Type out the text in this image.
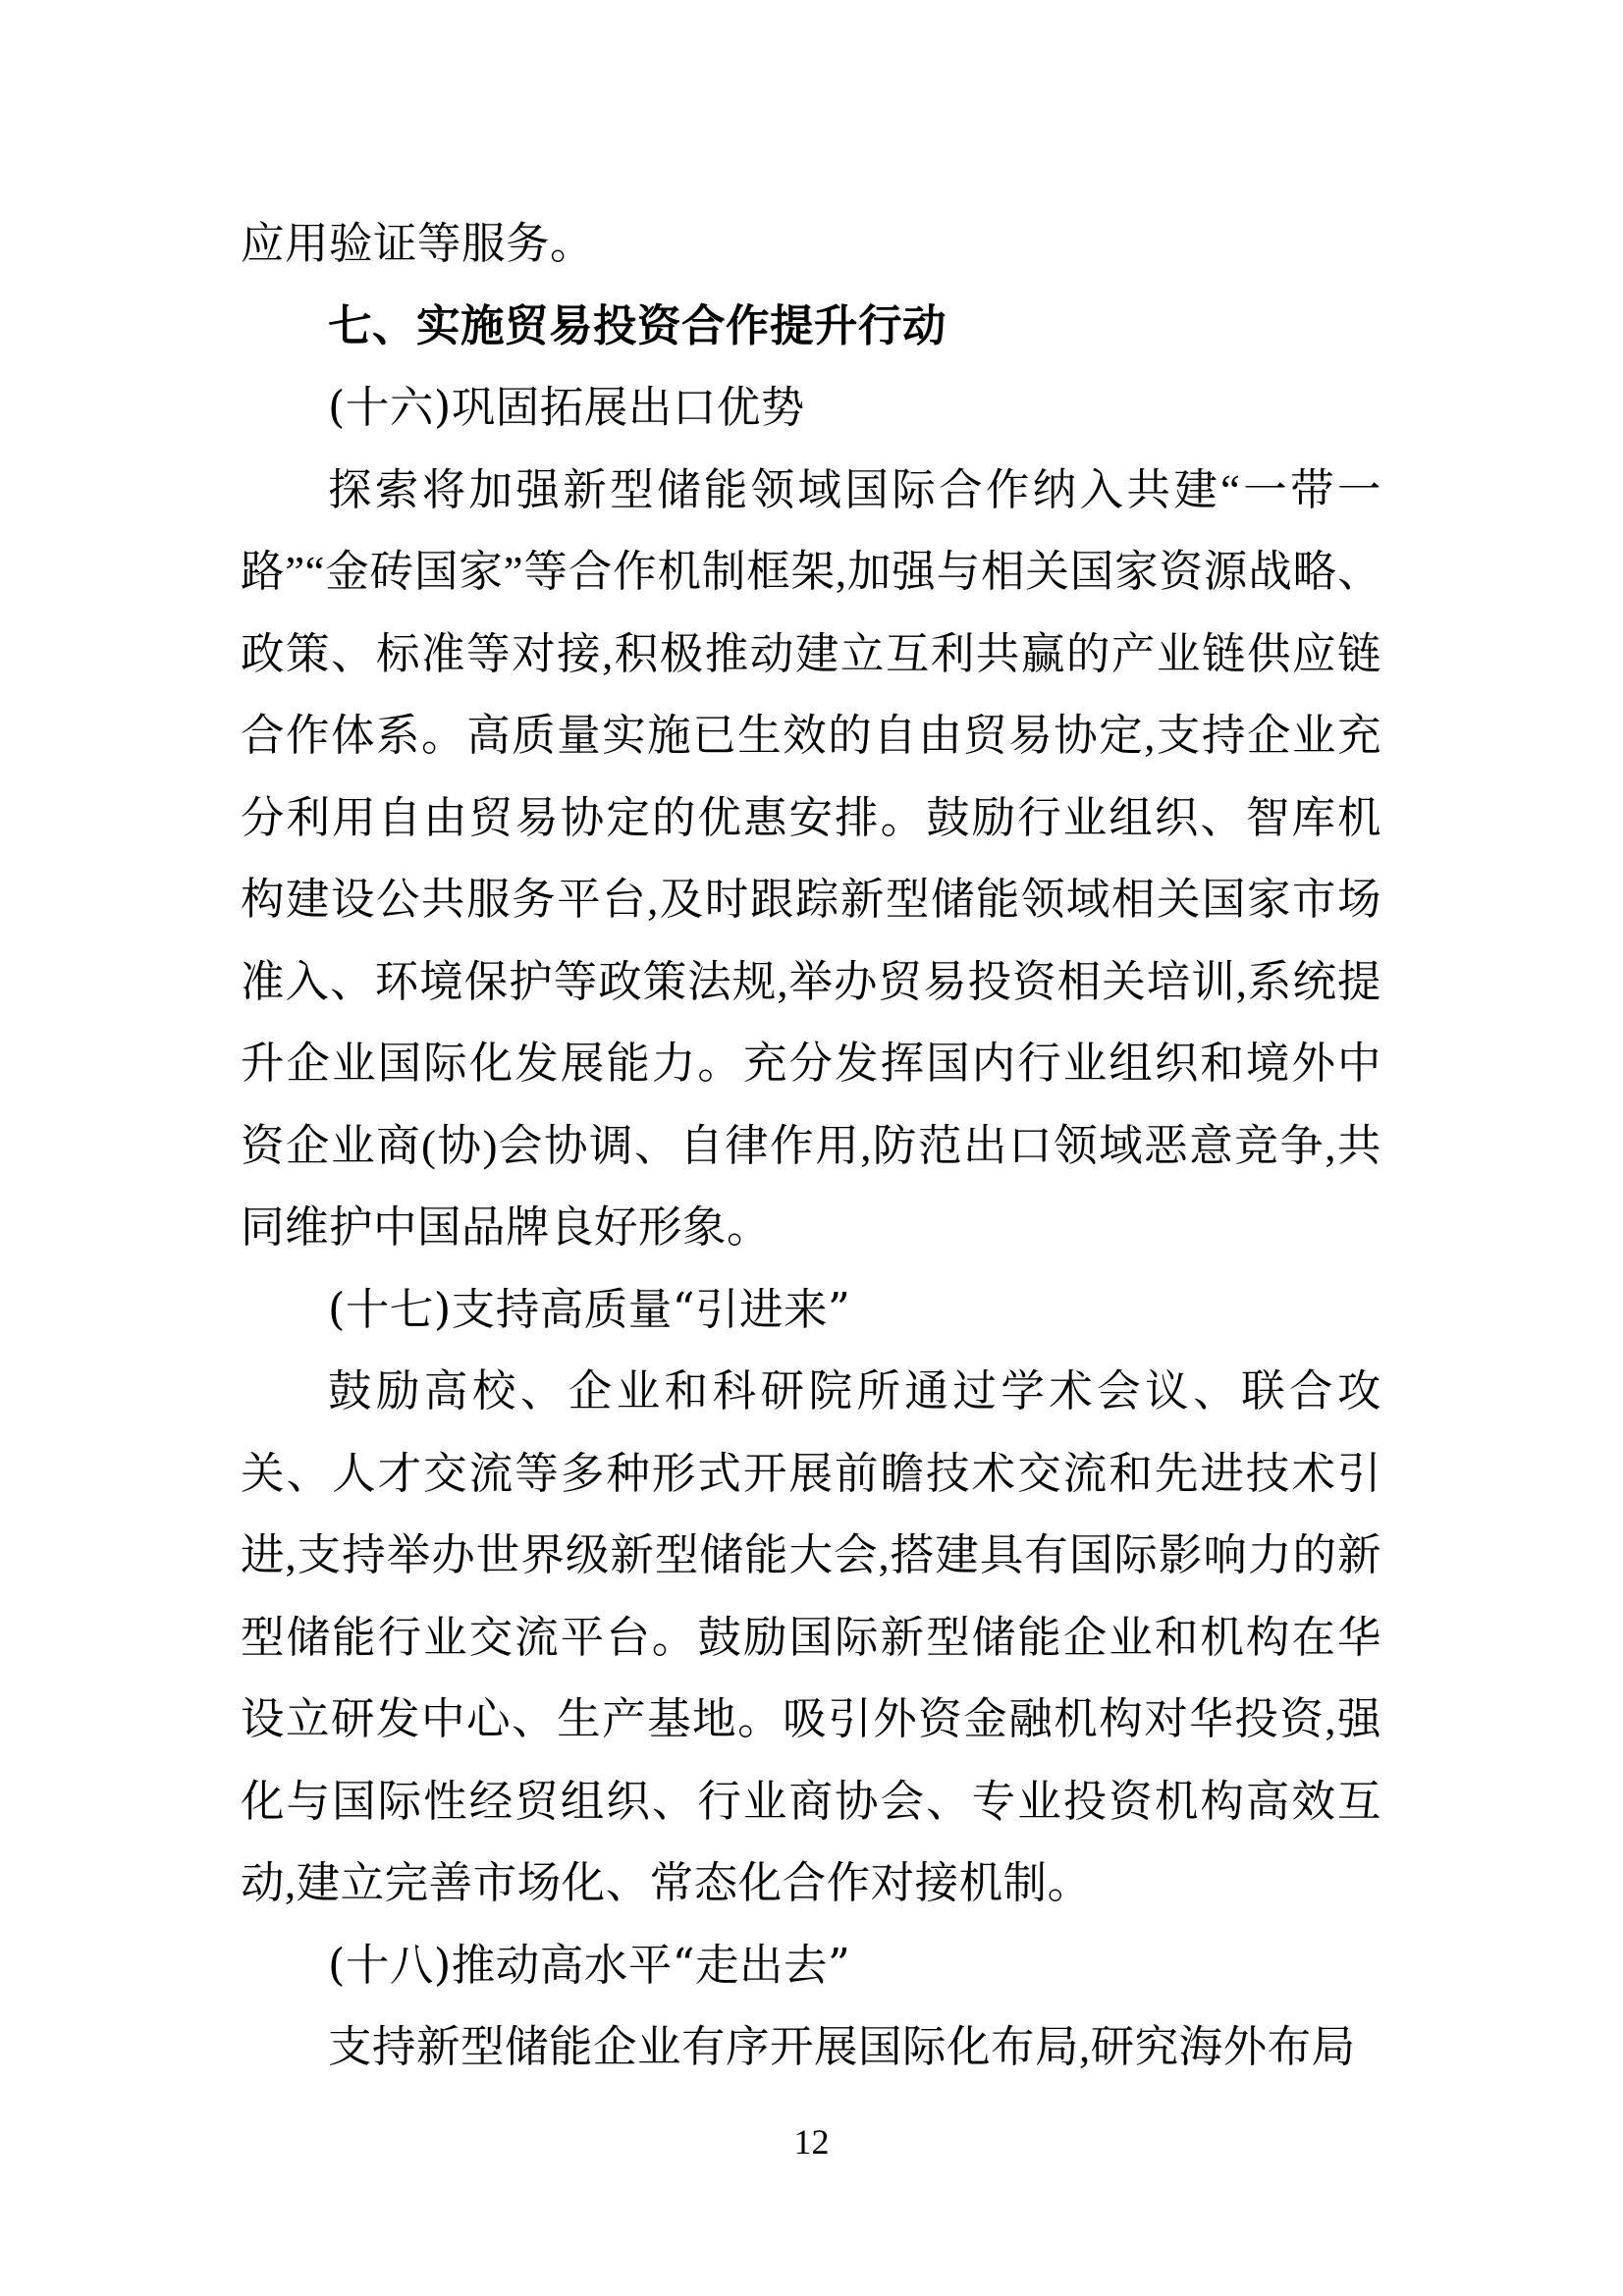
应用验证等服务。
七、实施贸易投资合作提升行动
(十六)巩固拓展出口优势
探索将加强新型储能领域国际合作纳入共建“一带一路”“金砖国家”等合作机制框架,加强与相关国家资源战略、政策、标准等对接,积极推动建立互利共赢的产业链供应链合作体系。高质量实施已生效的自由贸易协定,支持企业充分利用自由贸易协定的优惠安排。鼓励行业组织、智库机构建设公共服务平台,及时跟踪新型储能领域相关国家市场准入、环境保护等政策法规,举办贸易投资相关培训,系统提升企业国际化发展能力。充分发挥国内行业组织和境外中资企业商(协)会协调、自律作用,防范出口领域恶意竞争,共同维护中国品牌良好形象。
(十七)支持高质量“引进来”
鼓励高校、企业和科研院所通过学术会议、联合攻关、人才交流等多种形式开展前瞻技术交流和先进技术引进,支持举办世界级新型储能大会,搭建具有国际影响力的新型储能行业交流平台。鼓励国际新型储能企业和机构在华设立研发中心、生产基地。吸引外资金融机构对华投资,强化与国际性经贸组织、行业商协会、专业投资机构高效互动,建立完善市场化、常态化合作对接机制。
(十八)推动高水平“走出去”
支持新型储能企业有序开展国际化布局,研究海外布局
12
